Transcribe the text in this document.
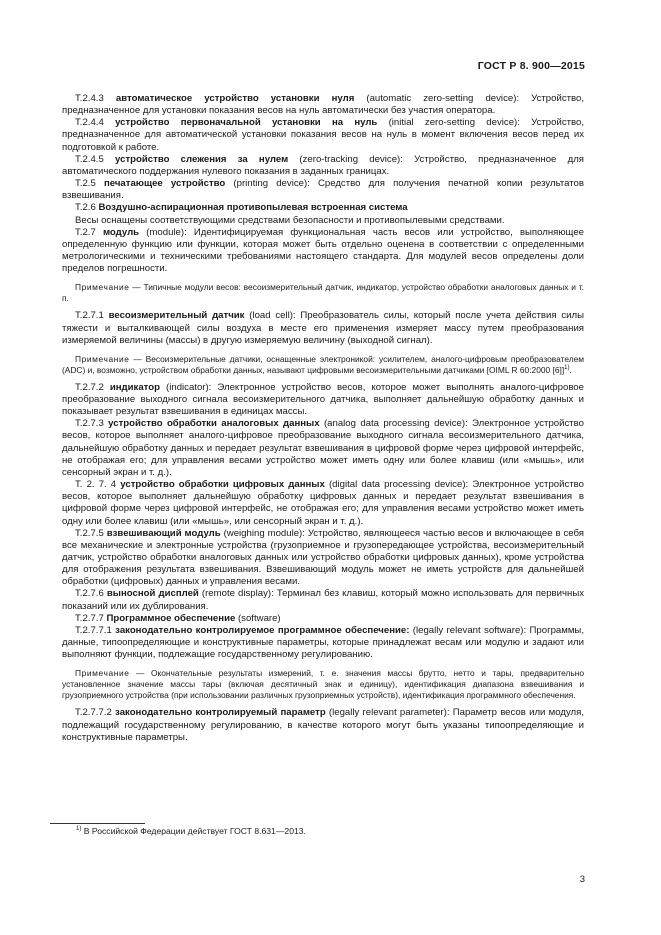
ГОСТ Р 8. 900—2015

Т.2.4.3 автоматическое устройство установки нуля (automatic zero-setting device): Устройство, предназначенное для установки показания весов на нуль автоматически без участия оператора.

Т.2.4.4 устройство первоначальной установки на нуль (initial zero-setting device): Устройство, предназначенное для автоматической установки показания весов на нуль в момент включения весов перед их подготовкой к работе.

Т.2.4.5 устройство слежения за нулем (zero-tracking device): Устройство, предназначенное для автоматического поддержания нулевого показания в заданных границах.

Т.2.5 печатающее устройство (printing device): Средство для получения печатной копии результатов взвешивания.

Т.2.6 Воздушно-аспирационная противопылевая встроенная система

Весы оснащены соответствующими средствами безопасности и противопылевыми средствами.

Т.2.7 модуль (module): Идентифицируемая функциональная часть весов или устройство, выполняющее определенную функцию или функции, которая может быть отдельно оценена в соответствии с определенными метрологическими и техническими требованиями настоящего стандарта. Для модулей весов определены доли пределов погрешности.

Примечание — Типичные модули весов: весоизмерительный датчик, индикатор, устройство обработки аналоговых данных и т. п.

Т.2.7.1 весоизмерительный датчик (load cell): Преобразователь силы, который после учета действия силы тяжести и выталкивающей силы воздуха в месте его применения измеряет массу путем преобразования измеряемой величины (массы) в другую измеряемую величину (выходной сигнал).

Примечание — Весоизмерительные датчики, оснащенные электроникой: усилителем, аналого-цифровым преобразователем (ADC) и, возможно, устройством обработки данных, называют цифровыми весоизмерительными датчиками [OIML R 60:2000 [6]]$^{1)}$.

Т.2.7.2 индикатор (indicator): Электронное устройство весов, которое может выполнять аналого-цифровое преобразование выходного сигнала весоизмерительного датчика, выполняет дальнейшую обработку данных и показывает результат взвешивания в единицах массы.

Т.2.7.3 устройство обработки аналоговых данных (analog data processing device): Электронное устройство весов, которое выполняет аналого-цифровое преобразование выходного сигнала весоизмерительного датчика, дальнейшую обработку данных и передает результат взвешивания в цифровой форме через цифровой интерфейс, не отображая его; для управления весами устройство может иметь одну или более клавиш (или «мышь», или сенсорный экран и т. д.).

Т. 2. 7. 4 устройство обработки цифровых данных (digital data processing device): Электронное устройство весов, которое выполняет дальнейшую обработку цифровых данных и передает результат взвешивания в цифровой форме через цифровой интерфейс, не отображая его; для управления весами устройство может иметь одну или более клавиш (или «мышь», или сенсорный экран и т. д.).

Т.2.7.5 взвешивающий модуль (weighing module): Устройство, являющееся частью весов и включающее в себя все механические и электронные устройства (грузоприемное и грузопередающее устройства, весоизмерительный датчик, устройство обработки аналоговых данных или устройство обработки цифровых данных), кроме устройства для отображения результата взвешивания. Взвешивающий модуль может не иметь устройств для дальнейшей обработки (цифровых) данных и управления весами.

Т.2.7.6 выносной дисплей (remote display): Терминал без клавиш, который можно использовать для первичных показаний или их дублирования.

Т.2.7.7 Программное обеспечение (software)

Т.2.7.7.1 законодательно контролируемое программное обеспечение: (legally relevant software): Программы, данные, типоопределяющие и конструктивные параметры, которые принадлежат весам или модулю и задают или выполняют функции, подлежащие государственному регулированию.

Примечание — Окончательные результаты измерений, т. е. значения массы брутто, нетто и тары, предварительно установленное значение массы тары (включая десятичный знак и единицу), идентификация диапазона взвешивания и грузоприемного устройства (при использовании различных грузоприемных устройств), идентификация программного обеспечения.

Т.2.7.7.2 законодательно контролируемый параметр (legally relevant parameter): Параметр весов или модуля, подлежащий государственному регулированию, в качестве которого могут быть указаны типоопределяющие и конструктивные параметры.

$^{1)}$ В Российской Федерации действует ГОСТ 8.631—2013.
3
